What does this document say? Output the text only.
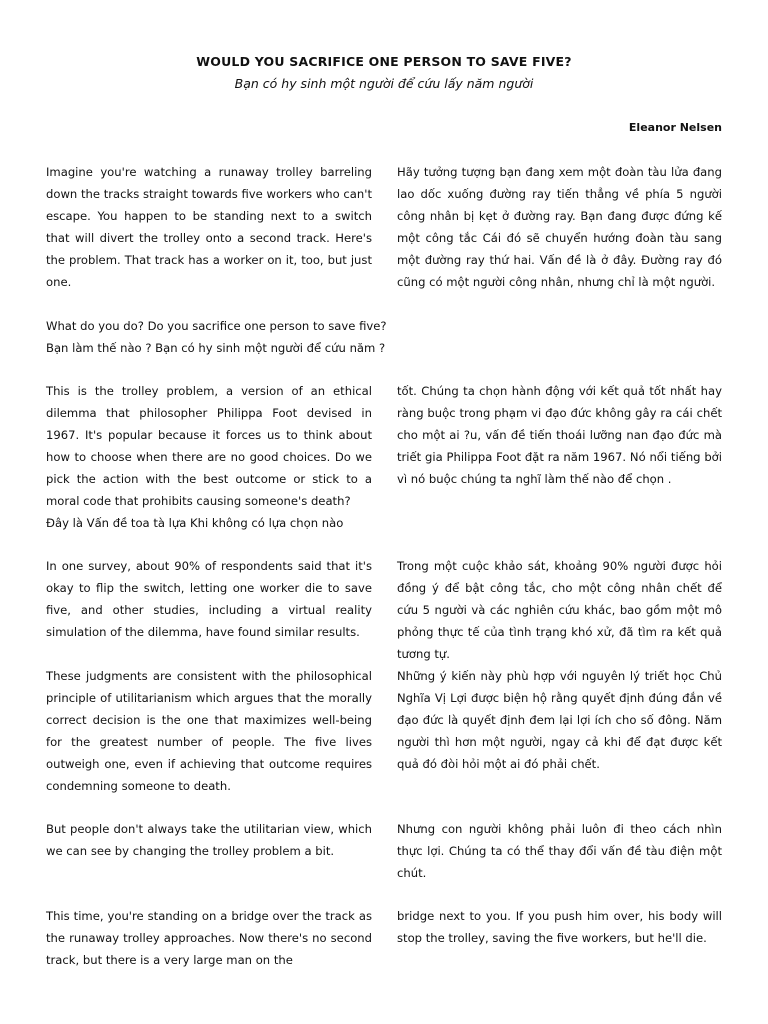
WOULD YOU SACRIFICE ONE PERSON TO SAVE FIVE?
Bạn có hy sinh một người để cứu lấy năm người
Eleanor Nelsen

Imagine you're watching a runaway trolley barreling down the tracks straight towards five workers who can't escape. You happen to be standing next to a switch that will divert the trolley onto a second track. Here's the problem. That track has a worker on it, too, but just one.

Hãy tưởng tượng bạn đang xem một đoàn tàu lửa đang lao dốc xuống đường ray tiến thẳng về phía 5 người công nhân bị kẹt ở đường ray. Bạn đang được đứng kế một công tắc Cái đó sẽ chuyển hướng đoàn tàu sang một đường ray thứ hai. Vấn đề là ở đây. Đường ray đó cũng có một người công nhân, nhưng chỉ là một người.

What do you do? Do you sacrifice one person to save five?
Bạn làm thế nào ? Bạn có hy sinh một người để cứu năm ?
This is the trolley problem, a version of an ethical dilemma that philosopher Philippa Foot devised in 1967. It's popular because it forces us to think about how to choose when there are no good choices. Do we pick the action with the best outcome or stick to a moral code that prohibits causing someone's death?
Đây là Vấn đề toa tà lựa Khi không có lựa chọn nào

tốt. Chúng ta chọn hành động với kết quả tốt nhất hay ràng buộc trong phạm vi đạo đức không gây ra cái chết cho một ai ?u, vấn đề tiến thoái lưỡng nan đạo đức mà triết gia Philippa Foot đặt ra năm 1967. Nó nổi tiếng bởi vì nó buộc chúng ta nghĩ làm thế nào để chọn .

In one survey, about 90% of respondents said that it's okay to flip the switch, letting one worker die to save five, and other studies, including a virtual reality simulation of the dilemma, have found similar results.

Trong một cuộc khảo sát, khoảng 90% người được hỏi đồng ý để bật công tắc, cho một công nhân chết để cứu 5 người và các nghiên cứu khác, bao gồm một mô phỏng thực tế của tình trạng khó xử, đã tìm ra kết quả tương tự.

These judgments are consistent with the philosophical principle of utilitarianism which argues that the morally correct decision is the one that maximizes well-being for the greatest number of people. The five lives outweigh one, even if achieving that outcome requires condemning someone to death.

Những ý kiến này phù hợp với nguyên lý triết học Chủ Nghĩa Vị Lợi được biện hộ rằng quyết định đúng đắn về đạo đức là quyết định đem lại lợi ích cho số đông. Năm người thì hơn một người, ngay cả khi để đạt được kết quả đó đòi hỏi một ai đó phải chết.

But people don't always take the utilitarian view, which we can see by changing the trolley problem a bit.

Nhưng con người không phải luôn đi theo cách nhìn thực lợi. Chúng ta có thể thay đổi vấn đề tàu điện một chút.

This time, you're standing on a bridge over the track as the runaway trolley approaches. Now there's no second track, but there is a very large man on the

bridge next to you. If you push him over, his body will stop the trolley, saving the five workers, but he'll die.
